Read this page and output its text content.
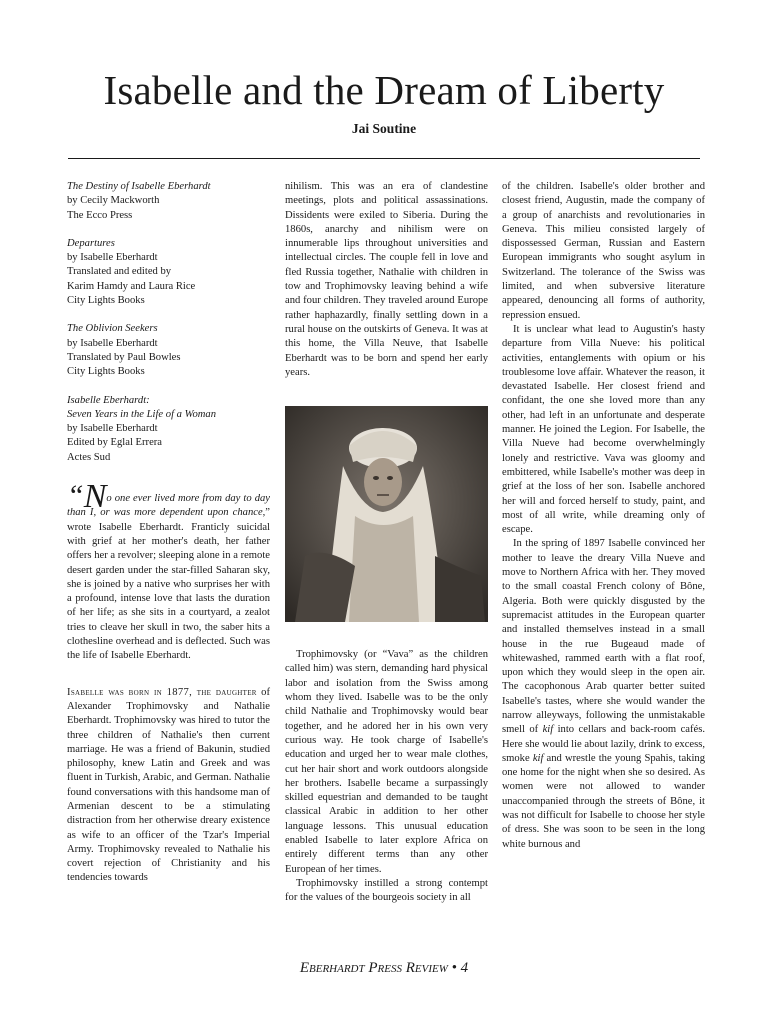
Isabelle and the Dream of Liberty
Jai Soutine
The Destiny of Isabelle Eberhardt
by Cecily Mackworth
The Ecco Press
Departures
by Isabelle Eberhardt
Translated and edited by
Karim Hamdy and Laura Rice
City Lights Books
The Oblivion Seekers
by Isabelle Eberhardt
Translated by Paul Bowles
City Lights Books
Isabelle Eberhardt:
Seven Years in the Life of a Woman
by Isabelle Eberhardt
Edited by Eglal Errera
Actes Sud

“No one ever lived more from day to day than I, or was more dependent upon chance,” wrote Isabelle Eberhardt. Franticly suicidal with grief at her mother's death, her father offers her a revolver; sleeping alone in a remote desert garden under the star-filled Saharan sky, she is joined by a native who surprises her with a profound, intense love that lasts the duration of her life; as she sits in a courtyard, a zealot tries to cleave her skull in two, the saber hits a clothesline overhead and is deflected. Such was the life of Isabelle Eberhardt.

Isabelle was born in 1877, the daughter of Alexander Trophimovsky and Nathalie Eberhardt. Trophimovsky was hired to tutor the three children of Nathalie's then current marriage. He was a friend of Bakunin, studied philosophy, knew Latin and Greek and was fluent in Turkish, Arabic, and German. Nathalie found conversations with this handsome man of Armenian descent to be a stimulating distraction from her otherwise dreary existence as wife to an officer of the Tzar's Imperial Army. Trophimovsky revealed to Nathalie his covert rejection of Christianity and his tendencies towards

nihilism. This was an era of clandestine meetings, plots and political assassinations. Dissidents were exiled to Siberia. During the 1860s, anarchy and nihilism were on innumerable lips throughout universities and intellectual circles. The couple fell in love and fled Russia together, Nathalie with children in tow and Trophimovsky leaving behind a wife and four children. They traveled around Europe rather haphazardly, finally settling down in a rural house on the outskirts of Geneva. It was at this home, the Villa Neuve, that Isabelle Eberhardt was to be born and spend her early years.

Trophimovsky (or “Vava” as the children called him) was stern, demanding hard physical labor and isolation from the Swiss among whom they lived. Isabelle was to be the only child Nathalie and Trophimovsky would bear together, and he adored her in his own very curious way. He took charge of Isabelle's education and urged her to wear male clothes, cut her hair short and work outdoors alongside her brothers. Isabelle became a surpassingly skilled equestrian and demanded to be taught classical Arabic in addition to her other language lessons. This unusual education enabled Isabelle to later explore Africa on entirely different terms than any other European of her times.

Trophimovsky instilled a strong contempt for the values of the bourgeois society in all

of the children. Isabelle's older brother and closest friend, Augustin, made the company of a group of anarchists and revolutionaries in Geneva. This milieu consisted largely of dispossessed German, Russian and Eastern European immigrants who sought asylum in Switzerland. The tolerance of the Swiss was limited, and when subversive literature appeared, denouncing all forms of authority, repression ensued.

It is unclear what lead to Augustin's hasty departure from Villa Nueve: his political activities, entanglements with opium or his troublesome love affair. Whatever the reason, it devastated Isabelle. Her closest friend and confidant, the one she loved more than any other, had left in an unfortunate and desperate manner. He joined the Legion. For Isabelle, the Villa Nueve had become overwhelmingly lonely and restrictive. Vava was gloomy and embittered, while Isabelle's mother was deep in grief at the loss of her son. Isabelle anchored her will and forced herself to study, paint, and most of all write, while dreaming only of escape.

In the spring of 1897 Isabelle convinced her mother to leave the dreary Villa Nueve and move to Northern Africa with her. They moved to the small coastal French colony of Bône, Algeria. Both were quickly disgusted by the supremacist attitudes in the European quarter and installed themselves instead in a small house in the rue Bugeaud made of whitewashed, rammed earth with a flat roof, upon which they would sleep in the open air. The cacophonous Arab quarter better suited Isabelle's tastes, where she would wander the narrow alleyways, following the unmistakable smell of kif into cellars and back-room cafés. Here she would lie about lazily, drink to excess, smoke kif and wrestle the young Spahis, taking one home for the night when she so desired. As women were not allowed to wander unaccompanied through the streets of Bône, it was not difficult for Isabelle to choose her style of dress. She was soon to be seen in the long white burnous and

Eberhardt Press Review • 4
